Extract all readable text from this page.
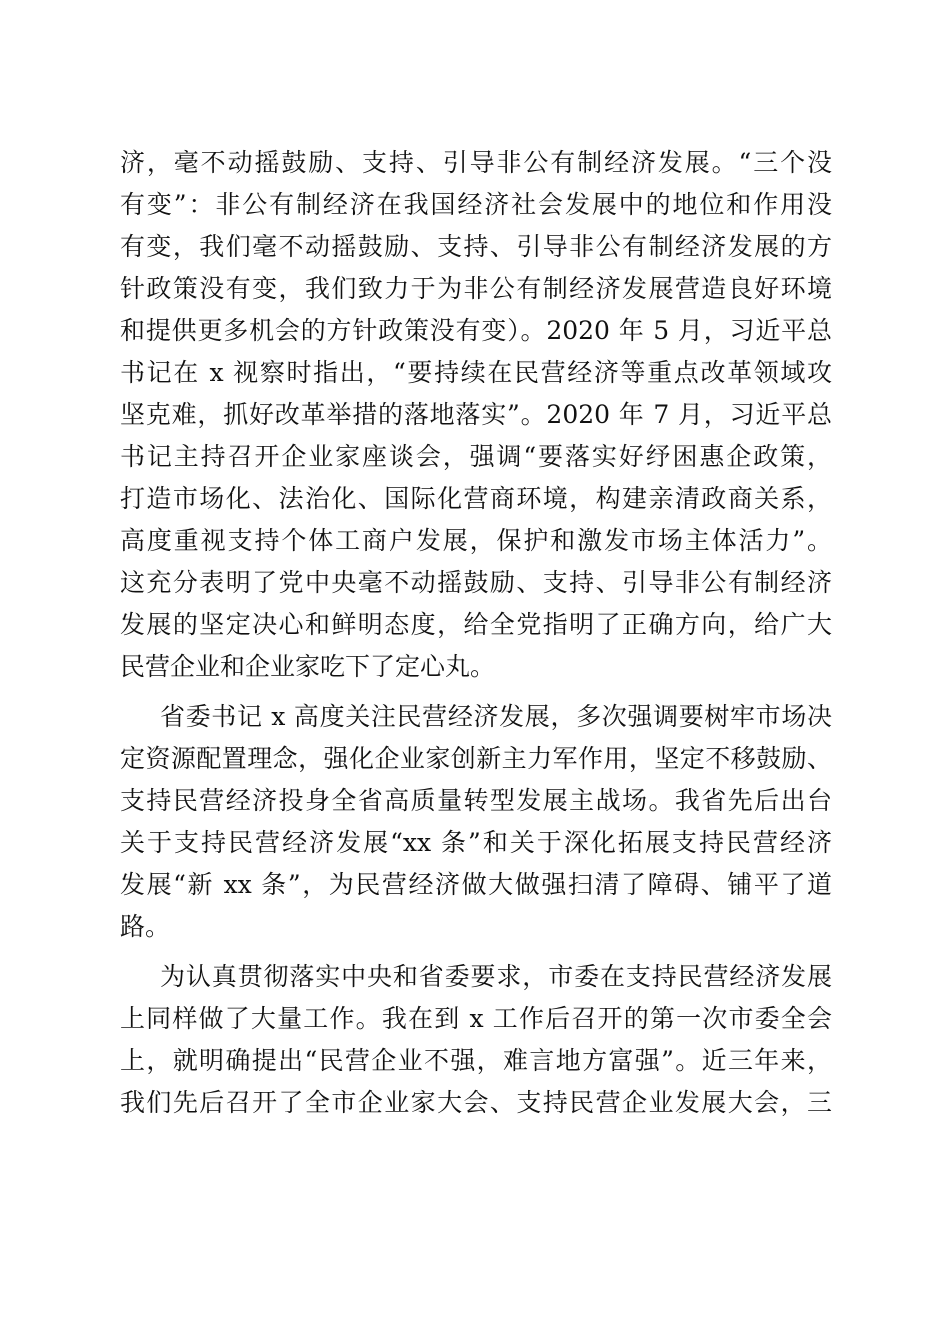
济，毫不动摇鼓励、支持、引导非公有制经济发展。“三个没
有变”：非公有制经济在我国经济社会发展中的地位和作用没
有变，我们毫不动摇鼓励、支持、引导非公有制经济发展的方
针政策没有变，我们致力于为非公有制经济发展营造良好环境
和提供更多机会的方针政策没有变）。2020 年 5 月，习近平总
书记在 x 视察时指出，“要持续在民营经济等重点改革领域攻
坚克难，抓好改革举措的落地落实”。2020 年 7 月，习近平总
书记主持召开企业家座谈会，强调“要落实好纾困惠企政策，
打造市场化、法治化、国际化营商环境，构建亲清政商关系，
高度重视支持个体工商户发展，保护和激发市场主体活力”。
这充分表明了党中央毫不动摇鼓励、支持、引导非公有制经济
发展的坚定决心和鲜明态度，给全党指明了正确方向，给广大
民营企业和企业家吃下了定心丸。
省委书记 x 高度关注民营经济发展，多次强调要树牢市场决
定资源配置理念，强化企业家创新主力军作用，坚定不移鼓励、
支持民营经济投身全省高质量转型发展主战场。我省先后出台
关于支持民营经济发展“xx 条”和关于深化拓展支持民营经济
发展“新 xx 条”，为民营经济做大做强扫清了障碍、铺平了道
路。
为认真贯彻落实中央和省委要求，市委在支持民营经济发展
上同样做了大量工作。我在到 x 工作后召开的第一次市委全会
上，就明确提出“民营企业不强，难言地方富强”。近三年来，
我们先后召开了全市企业家大会、支持民营企业发展大会，三
